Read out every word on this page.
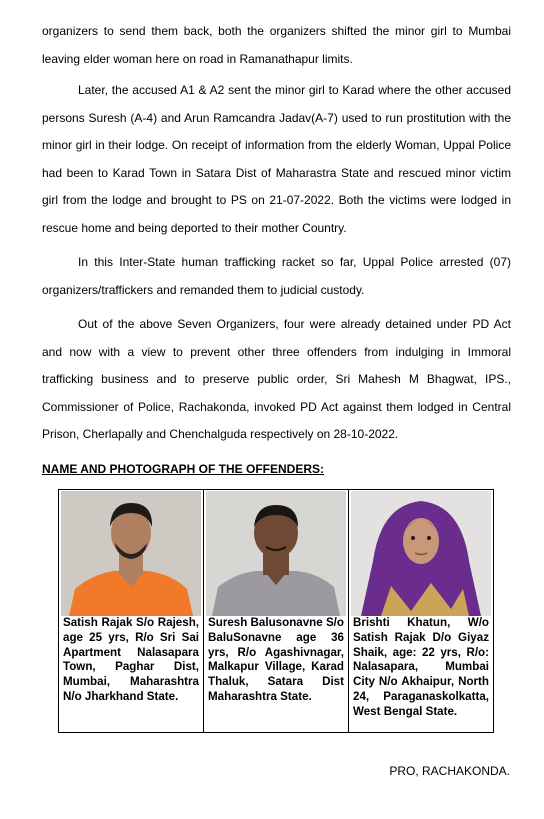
organizers to send them back, both the organizers shifted the minor girl to Mumbai leaving elder woman here on road in Ramanathapur limits.

Later, the accused A1 & A2 sent the minor girl to Karad where the other accused persons Suresh (A-4) and Arun Ramcandra Jadav(A-7) used to run prostitution with the minor girl in their lodge. On receipt of information from the elderly Woman, Uppal Police had been to Karad Town in Satara Dist of Maharastra State and rescued minor victim girl from the lodge and brought to PS on 21-07-2022. Both the victims were lodged in rescue home and being deported to their mother Country.

In this Inter-State human trafficking racket so far, Uppal Police arrested (07) organizers/traffickers and remanded them to judicial custody.

Out of the above Seven Organizers, four were already detained under PD Act and now with a view to prevent other three offenders from indulging in Immoral trafficking business and to preserve public order, Sri Mahesh M Bhagwat, IPS., Commissioner of Police, Rachakonda, invoked PD Act against them lodged in Central Prison, Cherlapally and Chenchalguda respectively on 28-10-2022.

NAME AND PHOTOGRAPH OF THE OFFENDERS:

Satish Rajak S/o Rajesh, age 25 yrs, R/o Sri Sai Apartment Nalasapara Town, Paghar Dist, Mumbai, Maharashtra N/o Jharkhand State.

Suresh Balusonavne S/o BaluSonavne age 36 yrs, R/o Agashivnagar, Malkapur Village, Karad Thaluk, Satara Dist Maharashtra State.

Brishti Khatun, W/o Satish Rajak D/o Giyaz Shaik, age: 22 yrs, R/o: Nalasapara, Mumbai City N/o Akhaipur, North 24, Paraganaskolkatta, West Bengal State.

PRO, RACHAKONDA.
